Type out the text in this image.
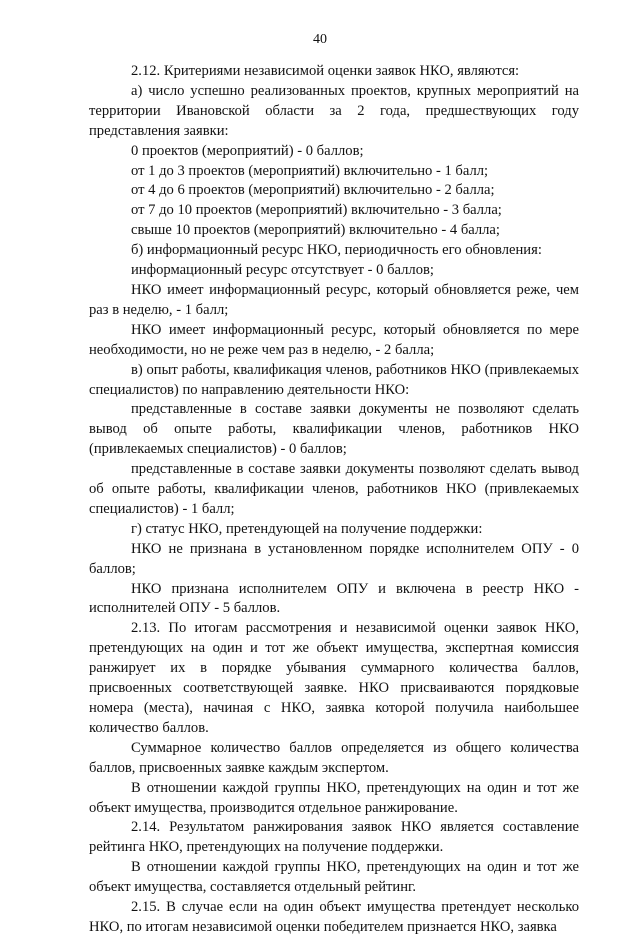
40

2.12. Критериями независимой оценки заявок НКО, являются:

а) число успешно реализованных проектов, крупных мероприятий на территории Ивановской области за 2 года, предшествующих году представления заявки:

0 проектов (мероприятий) - 0 баллов;

от 1 до 3 проектов (мероприятий) включительно - 1 балл;

от 4 до 6 проектов (мероприятий) включительно - 2 балла;

от 7 до 10 проектов (мероприятий) включительно - 3 балла;

свыше 10 проектов (мероприятий) включительно - 4 балла;

б) информационный ресурс НКО, периодичность его обновления:

информационный ресурс отсутствует - 0 баллов;

НКО имеет информационный ресурс, который обновляется реже, чем раз в неделю, - 1 балл;

НКО имеет информационный ресурс, который обновляется по мере необходимости, но не реже чем раз в неделю, - 2 балла;

в) опыт работы, квалификация членов, работников НКО (привлекаемых специалистов) по направлению деятельности НКО:

представленные в составе заявки документы не позволяют сделать вывод об опыте работы, квалификации членов, работников НКО (привлекаемых специалистов) - 0 баллов;

представленные в составе заявки документы позволяют сделать вывод об опыте работы, квалификации членов, работников НКО (привлекаемых специалистов) - 1 балл;

г) статус НКО, претендующей на получение поддержки:

НКО не признана в установленном порядке исполнителем ОПУ - 0 баллов;

НКО признана исполнителем ОПУ и включена в реестр НКО - исполнителей ОПУ - 5 баллов.

2.13. По итогам рассмотрения и независимой оценки заявок НКО, претендующих на один и тот же объект имущества, экспертная комиссия ранжирует их в порядке убывания суммарного количества баллов, присвоенных соответствующей заявке. НКО присваиваются порядковые номера (места), начиная с НКО, заявка которой получила наибольшее количество баллов.

Суммарное количество баллов определяется из общего количества баллов, присвоенных заявке каждым экспертом.

В отношении каждой группы НКО, претендующих на один и тот же объект имущества, производится отдельное ранжирование.

2.14. Результатом ранжирования заявок НКО является составление рейтинга НКО, претендующих на получение поддержки.

В отношении каждой группы НКО, претендующих на один и тот же объект имущества, составляется отдельный рейтинг.

2.15. В случае если на один объект имущества претендует несколько НКО, по итогам независимой оценки победителем признается НКО, заявка
